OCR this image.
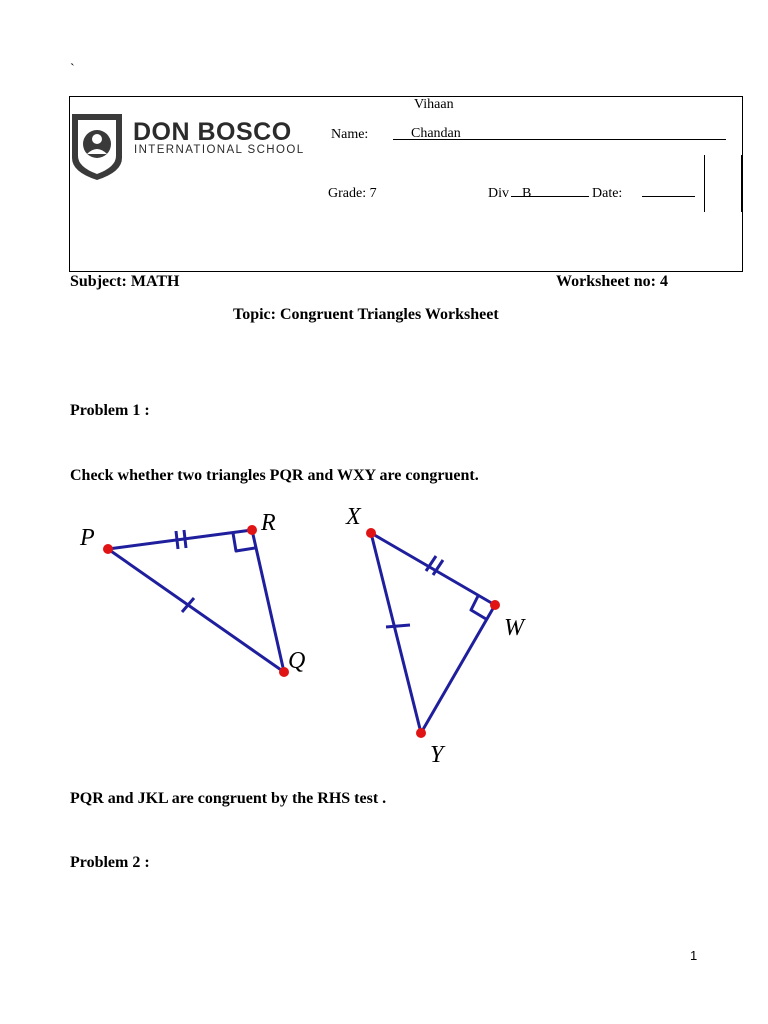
`
DON BOSCO
INTERNATIONAL SCHOOL
Vihaan
Name:	Chandan
Grade: 7	Div B	Date:
Subject: MATH	Worksheet no: 4
Topic: Congruent Triangles Worksheet
Problem 1 :
Check whether two triangles PQR and WXY are congruent.
P
R
Q
X
W
Y
PQR and JKL are congruent by the RHS test .
Problem 2 :
1
